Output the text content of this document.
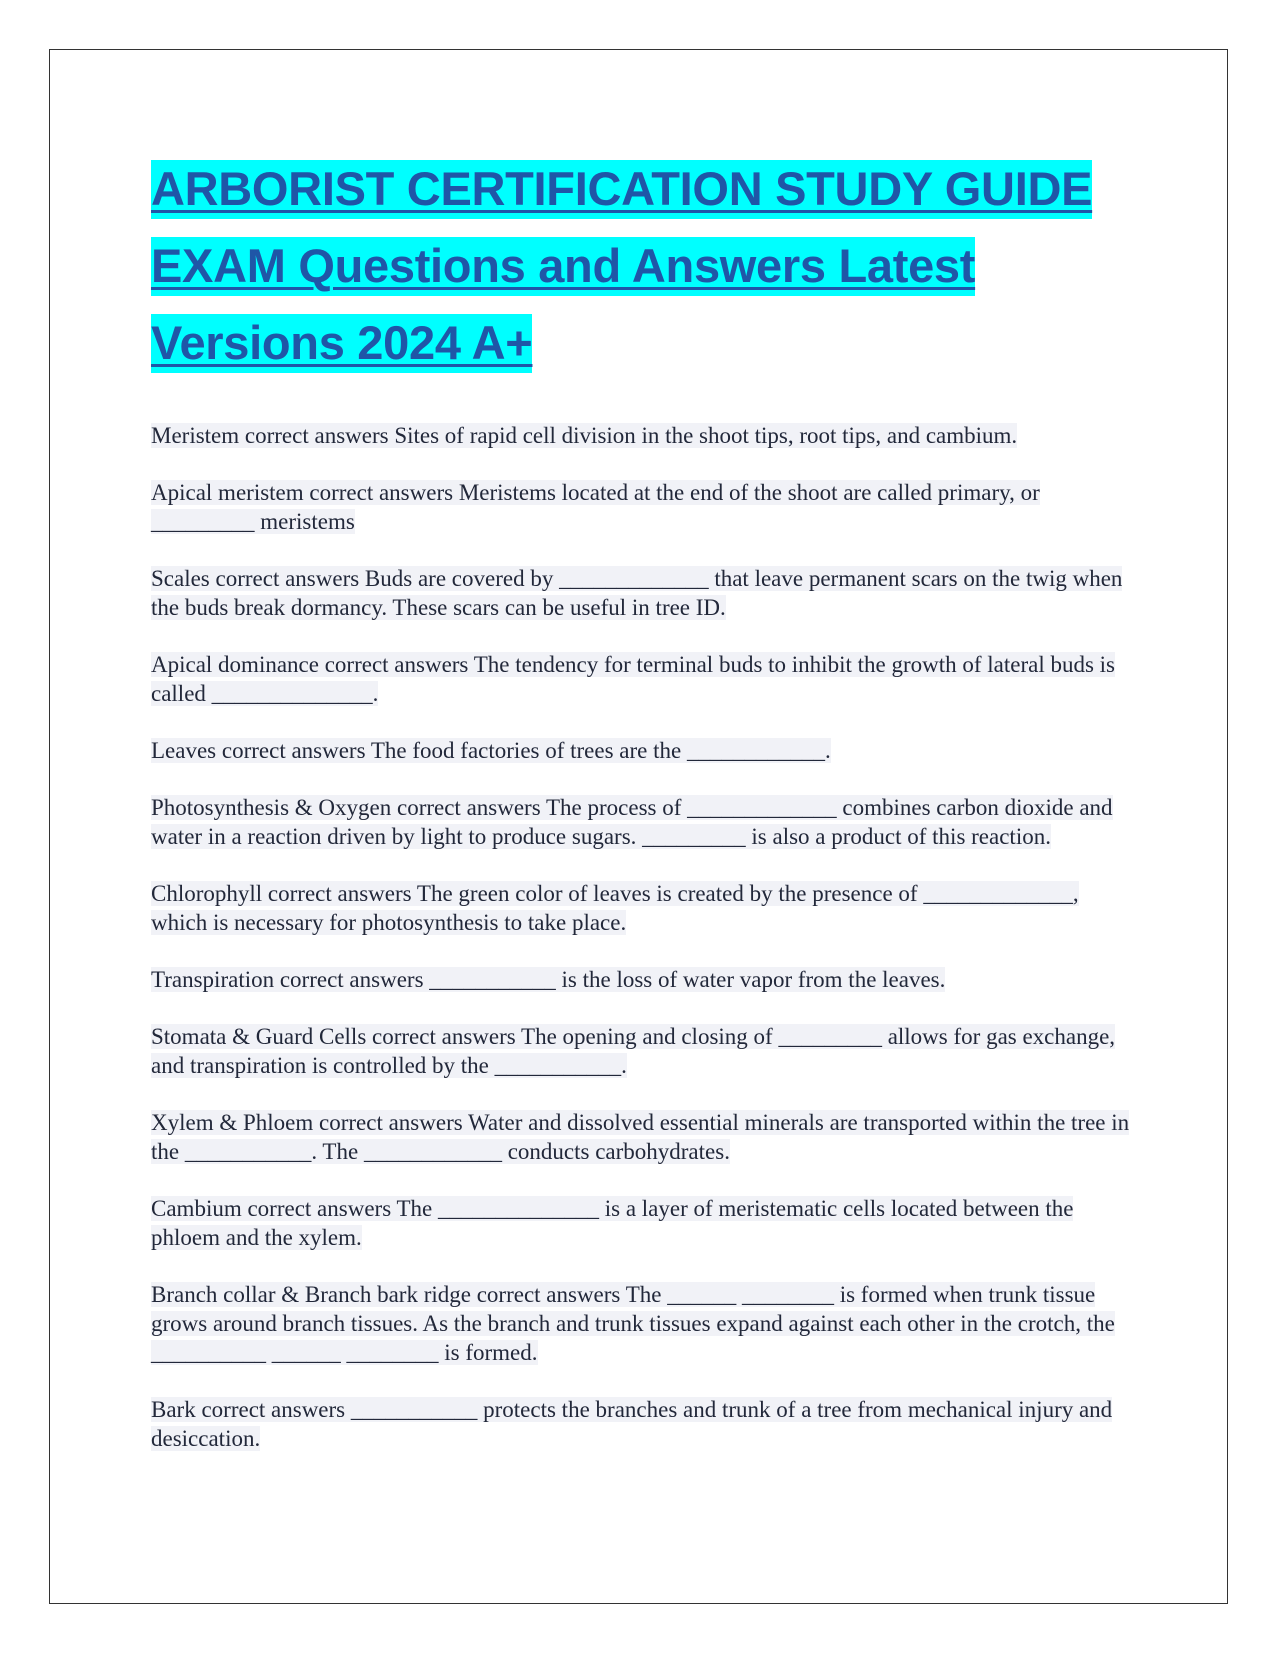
ARBORIST CERTIFICATION STUDY GUIDE EXAM Questions and Answers Latest Versions 2024 A+

Meristem correct answers Sites of rapid cell division in the shoot tips, root tips, and cambium.

Apical meristem correct answers Meristems located at the end of the shoot are called primary, or _________ meristems

Scales correct answers Buds are covered by _____________ that leave permanent scars on the twig when the buds break dormancy. These scars can be useful in tree ID.

Apical dominance correct answers The tendency for terminal buds to inhibit the growth of lateral buds is called ______________.

Leaves correct answers The food factories of trees are the ____________.

Photosynthesis & Oxygen correct answers The process of _____________ combines carbon dioxide and water in a reaction driven by light to produce sugars. _________ is also a product of this reaction.

Chlorophyll correct answers The green color of leaves is created by the presence of _____________, which is necessary for photosynthesis to take place.

Transpiration correct answers ___________ is the loss of water vapor from the leaves.

Stomata & Guard Cells correct answers The opening and closing of _________ allows for gas exchange, and transpiration is controlled by the ___________.

Xylem & Phloem correct answers Water and dissolved essential minerals are transported within the tree in the ___________. The ____________ conducts carbohydrates.

Cambium correct answers The ______________ is a layer of meristematic cells located between the phloem and the xylem.

Branch collar & Branch bark ridge correct answers The ______ ________ is formed when trunk tissue grows around branch tissues. As the branch and trunk tissues expand against each other in the crotch, the __________ ______ ________ is formed.

Bark correct answers ___________ protects the branches and trunk of a tree from mechanical injury and desiccation.
